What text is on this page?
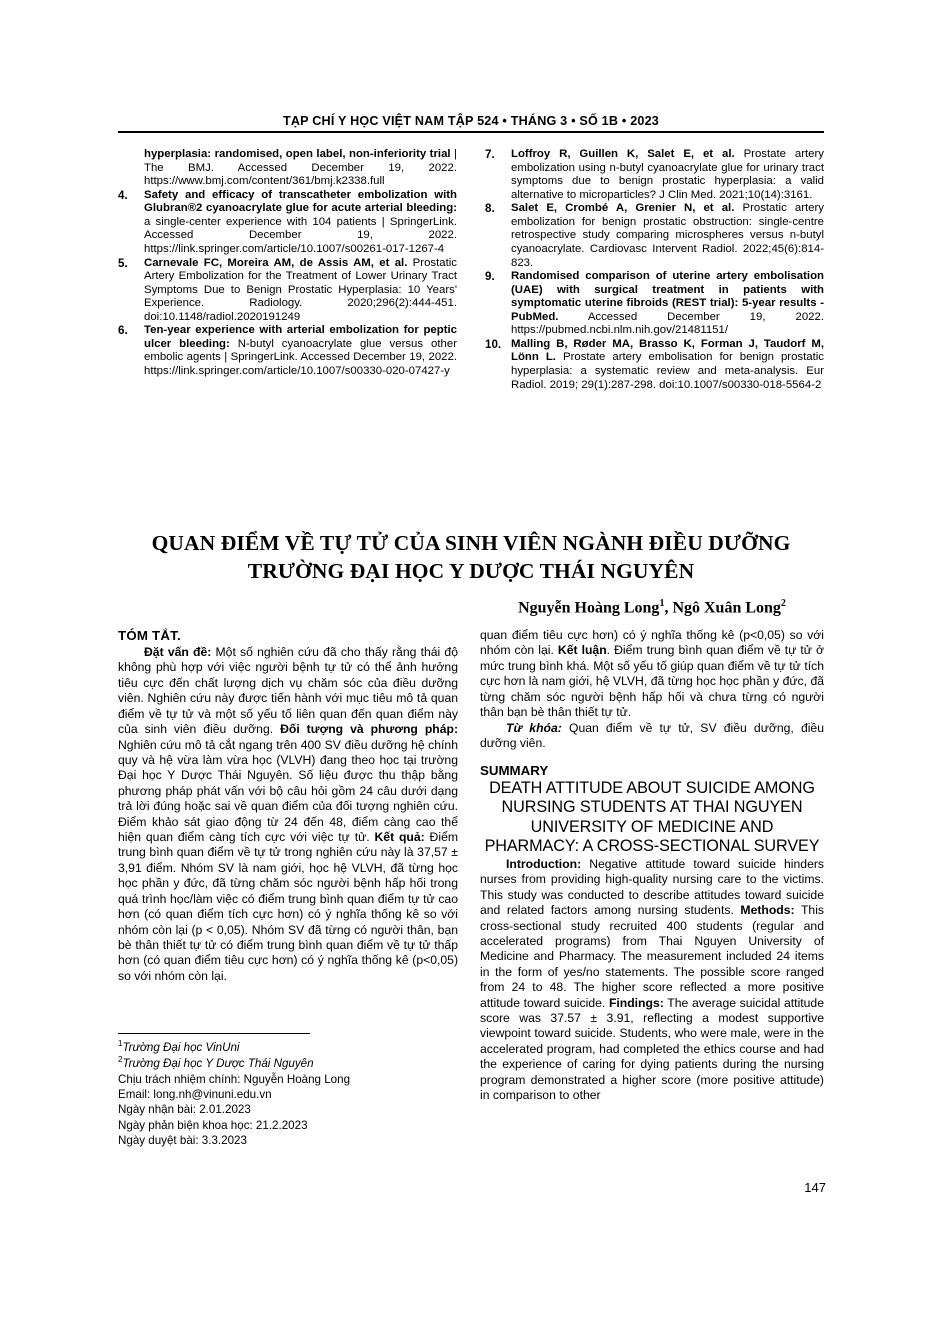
TẠP CHÍ Y HỌC VIỆT NAM TẬP 524 • THÁNG 3 • SỐ 1B • 2023
hyperplasia: randomised, open label, non-inferiority trial | The BMJ. Accessed December 19, 2022. https://www.bmj.com/content/361/bmj.k2338.full
4.	Safety and efficacy of transcatheter embolization with Glubran®2 cyanoacrylate glue for acute arterial bleeding: a single-center experience with 104 patients | SpringerLink. Accessed December 19, 2022. https://link.springer.com/article/10.1007/s00261-017-1267-4
5.	Carnevale FC, Moreira AM, de Assis AM, et al. Prostatic Artery Embolization for the Treatment of Lower Urinary Tract Symptoms Due to Benign Prostatic Hyperplasia: 10 Years' Experience. Radiology. 2020;296(2):444-451. doi:10.1148/radiol.2020191249
6.	Ten-year experience with arterial embolization for peptic ulcer bleeding: N-butyl cyanoacrylate glue versus other embolic agents | SpringerLink. Accessed December 19, 2022. https://link.springer.com/article/10.1007/s00330-020-07427-y
7.	Loffroy R, Guillen K, Salet E, et al. Prostate artery embolization using n-butyl cyanoacrylate glue for urinary tract symptoms due to benign prostatic hyperplasia: a valid alternative to microparticles? J Clin Med. 2021;10(14):3161.
8.	Salet E, Crombé A, Grenier N, et al. Prostatic artery embolization for benign prostatic obstruction: single-centre retrospective study comparing microspheres versus n-butyl cyanoacrylate. Cardiovasc Intervent Radiol. 2022;45(6):814-823.
9.	Randomised comparison of uterine artery embolisation (UAE) with surgical treatment in patients with symptomatic uterine fibroids (REST trial): 5-year results - PubMed. Accessed December 19, 2022. https://pubmed.ncbi.nlm.nih.gov/21481151/
10. Malling B, Røder MA, Brasso K, Forman J, Taudorf M, Lönn L. Prostate artery embolisation for benign prostatic hyperplasia: a systematic review and meta-analysis. Eur Radiol. 2019; 29(1):287-298. doi:10.1007/s00330-018-5564-2
QUAN ĐIỂM VỀ TỰ TỬ CỦA SINH VIÊN NGÀNH ĐIỀU DƯỠNG
TRƯỜNG ĐẠI HỌC Y DƯỢC THÁI NGUYÊN
Nguyễn Hoàng Long$^1$, Ngô Xuân Long$^2$
TÓM TẮT.

Đặt vấn đề: Một số nghiên cứu đã cho thấy rằng thái độ không phù hợp với việc người bệnh tự tử có thể ảnh hưởng tiêu cực đến chất lượng dịch vụ chăm sóc của điều dưỡng viên. Nghiên cứu này được tiến hành với mục tiêu mô tả quan điểm về tự tử và một số yếu tố liên quan đến quan điểm này của sinh viên điều dưỡng. Đối tượng và phương pháp: Nghiên cứu mô tả cắt ngang trên 400 SV điều dưỡng hệ chính quy và hệ vừa làm vừa học (VLVH) đang theo học tại trường Đại học Y Dược Thái Nguyên. Số liệu được thu thập bằng phương pháp phát vấn với bộ câu hỏi gồm 24 câu dưới dạng trả lời đúng hoặc sai về quan điểm của đối tượng nghiên cứu. Điểm khảo sát giao động từ 24 đến 48, điểm càng cao thể hiện quan điểm càng tích cực với việc tự tử. Kết quả: Điểm trung bình quan điểm về tự tử trong nghiên cứu này là 37,57 ± 3,91 điểm. Nhóm SV là nam giới, học hệ VLVH, đã từng học học phần y đức, đã từng chăm sóc người bệnh hấp hối trong quá trình học/làm việc có điểm trung bình quan điểm tự tử cao hơn (có quan điểm tích cực hơn) có ý nghĩa thống kê so với nhóm còn lại (p < 0,05). Nhóm SV đã từng có người thân, bạn bè thân thiết tự tử có điểm trung bình quan điểm về tự tử thấp hơn (có quan điểm tiêu cực hơn) có ý nghĩa thống kê (p<0,05) so với nhóm còn lại.

$^1$Trường Đại học VinUni
$^2$Trường Đại học Y Dược Thái Nguyên
Chịu trách nhiệm chính: Nguyễn Hoàng Long
Email: long.nh@vinuni.edu.vn
Ngày nhận bài: 2.01.2023
Ngày phản biện khoa học: 21.2.2023
Ngày duyệt bài: 3.3.2023

quan điểm tiêu cực hơn) có ý nghĩa thống kê (p<0,05) so với nhóm còn lại. Kết luận. Điểm trung bình quan điểm về tự tử ở mức trung bình khá. Một số yếu tố giúp quan điểm về tự tử tích cực hơn là nam giới, hệ VLVH, đã từng học học phần y đức, đã từng chăm sóc người bệnh hấp hối và chưa từng có người thân bạn bè thân thiết tự tử.

Từ khóa: Quan điểm về tự tử, SV điều dưỡng, điều dưỡng viên.

SUMMARY
DEATH ATTITUDE ABOUT SUICIDE AMONG
NURSING STUDENTS AT THAI NGUYEN
UNIVERSITY OF MEDICINE AND
PHARMACY: A CROSS-SECTIONAL SURVEY

Introduction: Negative attitude toward suicide hinders nurses from providing high-quality nursing care to the victims. This study was conducted to describe attitudes toward suicide and related factors among nursing students. Methods: This cross-sectional study recruited 400 students (regular and accelerated programs) from Thai Nguyen University of Medicine and Pharmacy. The measurement included 24 items in the form of yes/no statements. The possible score ranged from 24 to 48. The higher score reflected a more positive attitude toward suicide. Findings: The average suicidal attitude score was 37.57 ± 3.91, reflecting a modest supportive viewpoint toward suicide. Students, who were male, were in the accelerated program, had completed the ethics course and had the experience of caring for dying patients during the nursing program demonstrated a higher score (more positive attitude) in comparison to other

147
